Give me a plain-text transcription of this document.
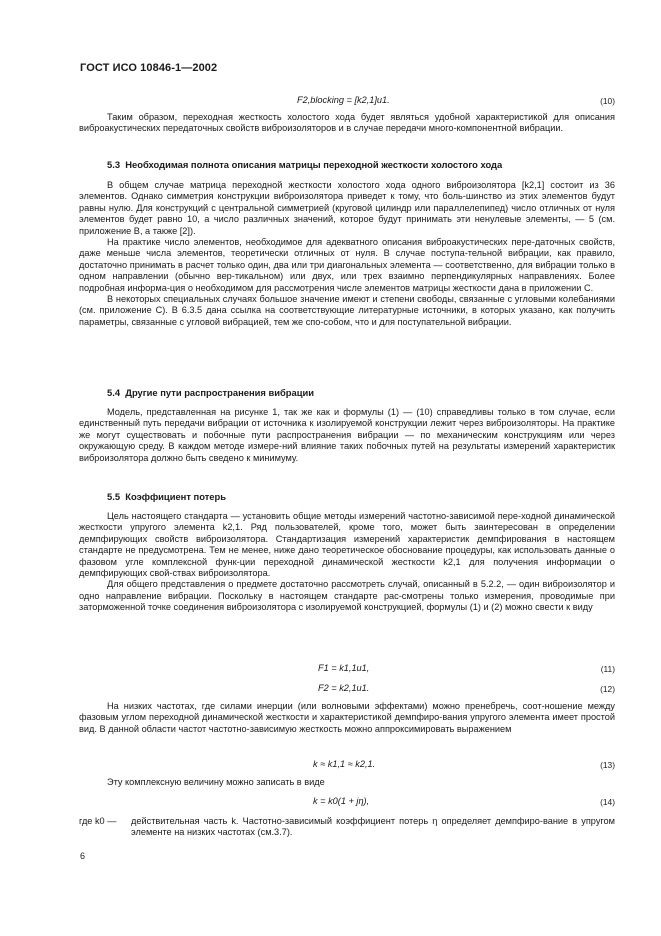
ГОСТ ИСО 10846-1—2002
F2,blocking = [k2,1]u1.	(10)

Таким образом, переходная жесткость холостого хода будет являться удобной характеристикой для описания виброакустических передаточных свойств виброизоляторов и в случае передачи много-компонентной вибрации.

5.3 Необходимая полнота описания матрицы переходной жесткости холостого хода

В общем случае матрица переходной жесткости холостого хода одного виброизолятора [k2,1] состоит из 36 элементов. Однако симметрия конструкции виброизолятора приведет к тому, что боль-шинство из этих элементов будут равны нулю. Для конструкций с центральной симметрией (круговой цилиндр или параллелепипед) число отличных от нуля элементов будет равно 10, а число различных значений, которое будут принимать эти ненулевые элементы, — 5 (см. приложение В, а также [2]).

На практике число элементов, необходимое для адекватного описания виброакустических пере-даточных свойств, даже меньше числа элементов, теоретически отличных от нуля. В случае поступа-тельной вибрации, как правило, достаточно принимать в расчет только один, два или три диагональных элемента — соответственно, для вибрации только в одном направлении (обычно вер-тикальном) или двух, или трех взаимно перпендикулярных направлениях. Более подробная информа-ция о необходимом для рассмотрения числе элементов матрицы жесткости дана в приложении С.

В некоторых специальных случаях большое значение имеют и степени свободы, связанные с угловыми колебаниями (см. приложение С). В 6.3.5 дана ссылка на соответствующие литературные источники, в которых указано, как получить параметры, связанные с угловой вибрацией, тем же спо-собом, что и для поступательной вибрации.

5.4 Другие пути распространения вибрации

Модель, представленная на рисунке 1, так же как и формулы (1) — (10) справедливы только в том случае, если единственный путь передачи вибрации от источника к изолируемой конструкции лежит через виброизоляторы. На практике же могут существовать и побочные пути распространения вибрации — по механическим конструкциям или через окружающую среду. В каждом методе измере-ний влияние таких побочных путей на результаты измерений характеристик виброизолятора должно быть сведено к минимуму.

5.5 Коэффициент потерь

Цель настоящего стандарта — установить общие методы измерений частотно-зависимой пере-ходной динамической жесткости упругого элемента k2,1. Ряд пользователей, кроме того, может быть заинтересован в определении демпфирующих свойств виброизолятора. Стандартизация измерений характеристик демпфирования в настоящем стандарте не предусмотрена. Тем не менее, ниже дано теоретическое обоснование процедуры, как использовать данные о фазовом угле комплексной функ-ции переходной динамической жесткости k2,1 для получения информации о демпфирующих свой-ствах виброизолятора.

Для общего представления о предмете достаточно рассмотреть случай, описанный в 5.2.2, — один виброизолятор и одно направление вибрации. Поскольку в настоящем стандарте рас-смотрены только измерения, проводимые при заторможенной точке соединения виброизолятора с изолируемой конструкцией, формулы (1) и (2) можно свести к виду

F1 = k1,1u1,	(11)
F2 = k2,1u1.	(12)

На низких частотах, где силами инерции (или волновыми эффектами) можно пренебречь, соот-ношение между фазовым углом переходной динамической жесткости и характеристикой демпфиро-вания упругого элемента имеет простой вид. В данной области частот частотно-зависимую жесткость можно аппроксимировать выражением

k ≈ k1,1 ≈ k2,1.	(13)

Эту комплексную величину можно записать в виде

k = k0(1 + jη),	(14)
где k0 — действительная часть k. Частотно-зависимый коэффициент потерь η определяет демпфиро-вание в упругом элементе на низких частотах (см.3.7).
6
